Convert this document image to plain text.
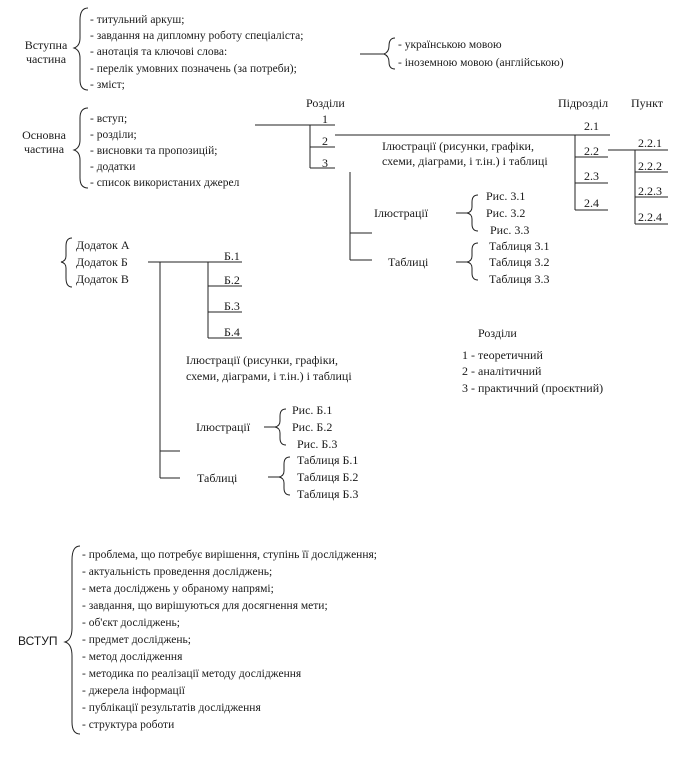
Вступна частина
- титульний аркуш;
- завдання на дипломну роботу спеціаліста;
- анотація та ключові слова:
- перелік умовних позначень (за потреби);
- зміст;
- українською мовою
- іноземною мовою (англійською)
Основна частина
- вступ;
- розділи;
- висновки та пропозицій;
- додатки
- список використаних джерел
Розділи	Підрозділ Пункт
1
2
3
2.1
2.2
2.3
2.4
2.2.1
2.2.2
2.2.3
2.2.4
Ілюстрації (рисунки, графіки, схеми, діаграми, і т.ін.) і таблиці
Ілюстрації
Таблиці
Рис. 3.1
Рис. 3.2
Рис. 3.3
Таблиця 3.1
Таблиця 3.2
Таблиця 3.3
Додаток А
Додаток Б
Додаток В
Б.1
Б.2
Б.3
Б.4
Ілюстрації (рисунки, графіки, схеми, діаграми, і т.ін.) і таблиці
Ілюстрації
Таблиці
Рис. Б.1
Рис. Б.2
Рис. Б.3
Таблиця Б.1
Таблиця Б.2
Таблиця Б.3
Розділи
1 - теоретичний
2 - аналітичний
3 - практичний (проєктний)
ВСТУП
- проблема, що потребує вирішення, ступінь її дослідження;
- актуальність проведення досліджень;
- мета досліджень у обраному напрямі;
- завдання, що вирішуються для досягнення мети;
- об'єкт досліджень;
- предмет досліджень;
- метод дослідження
- методика по реалізації методу дослідження
- джерела інформації
- публікації результатів дослідження
- структура роботи
